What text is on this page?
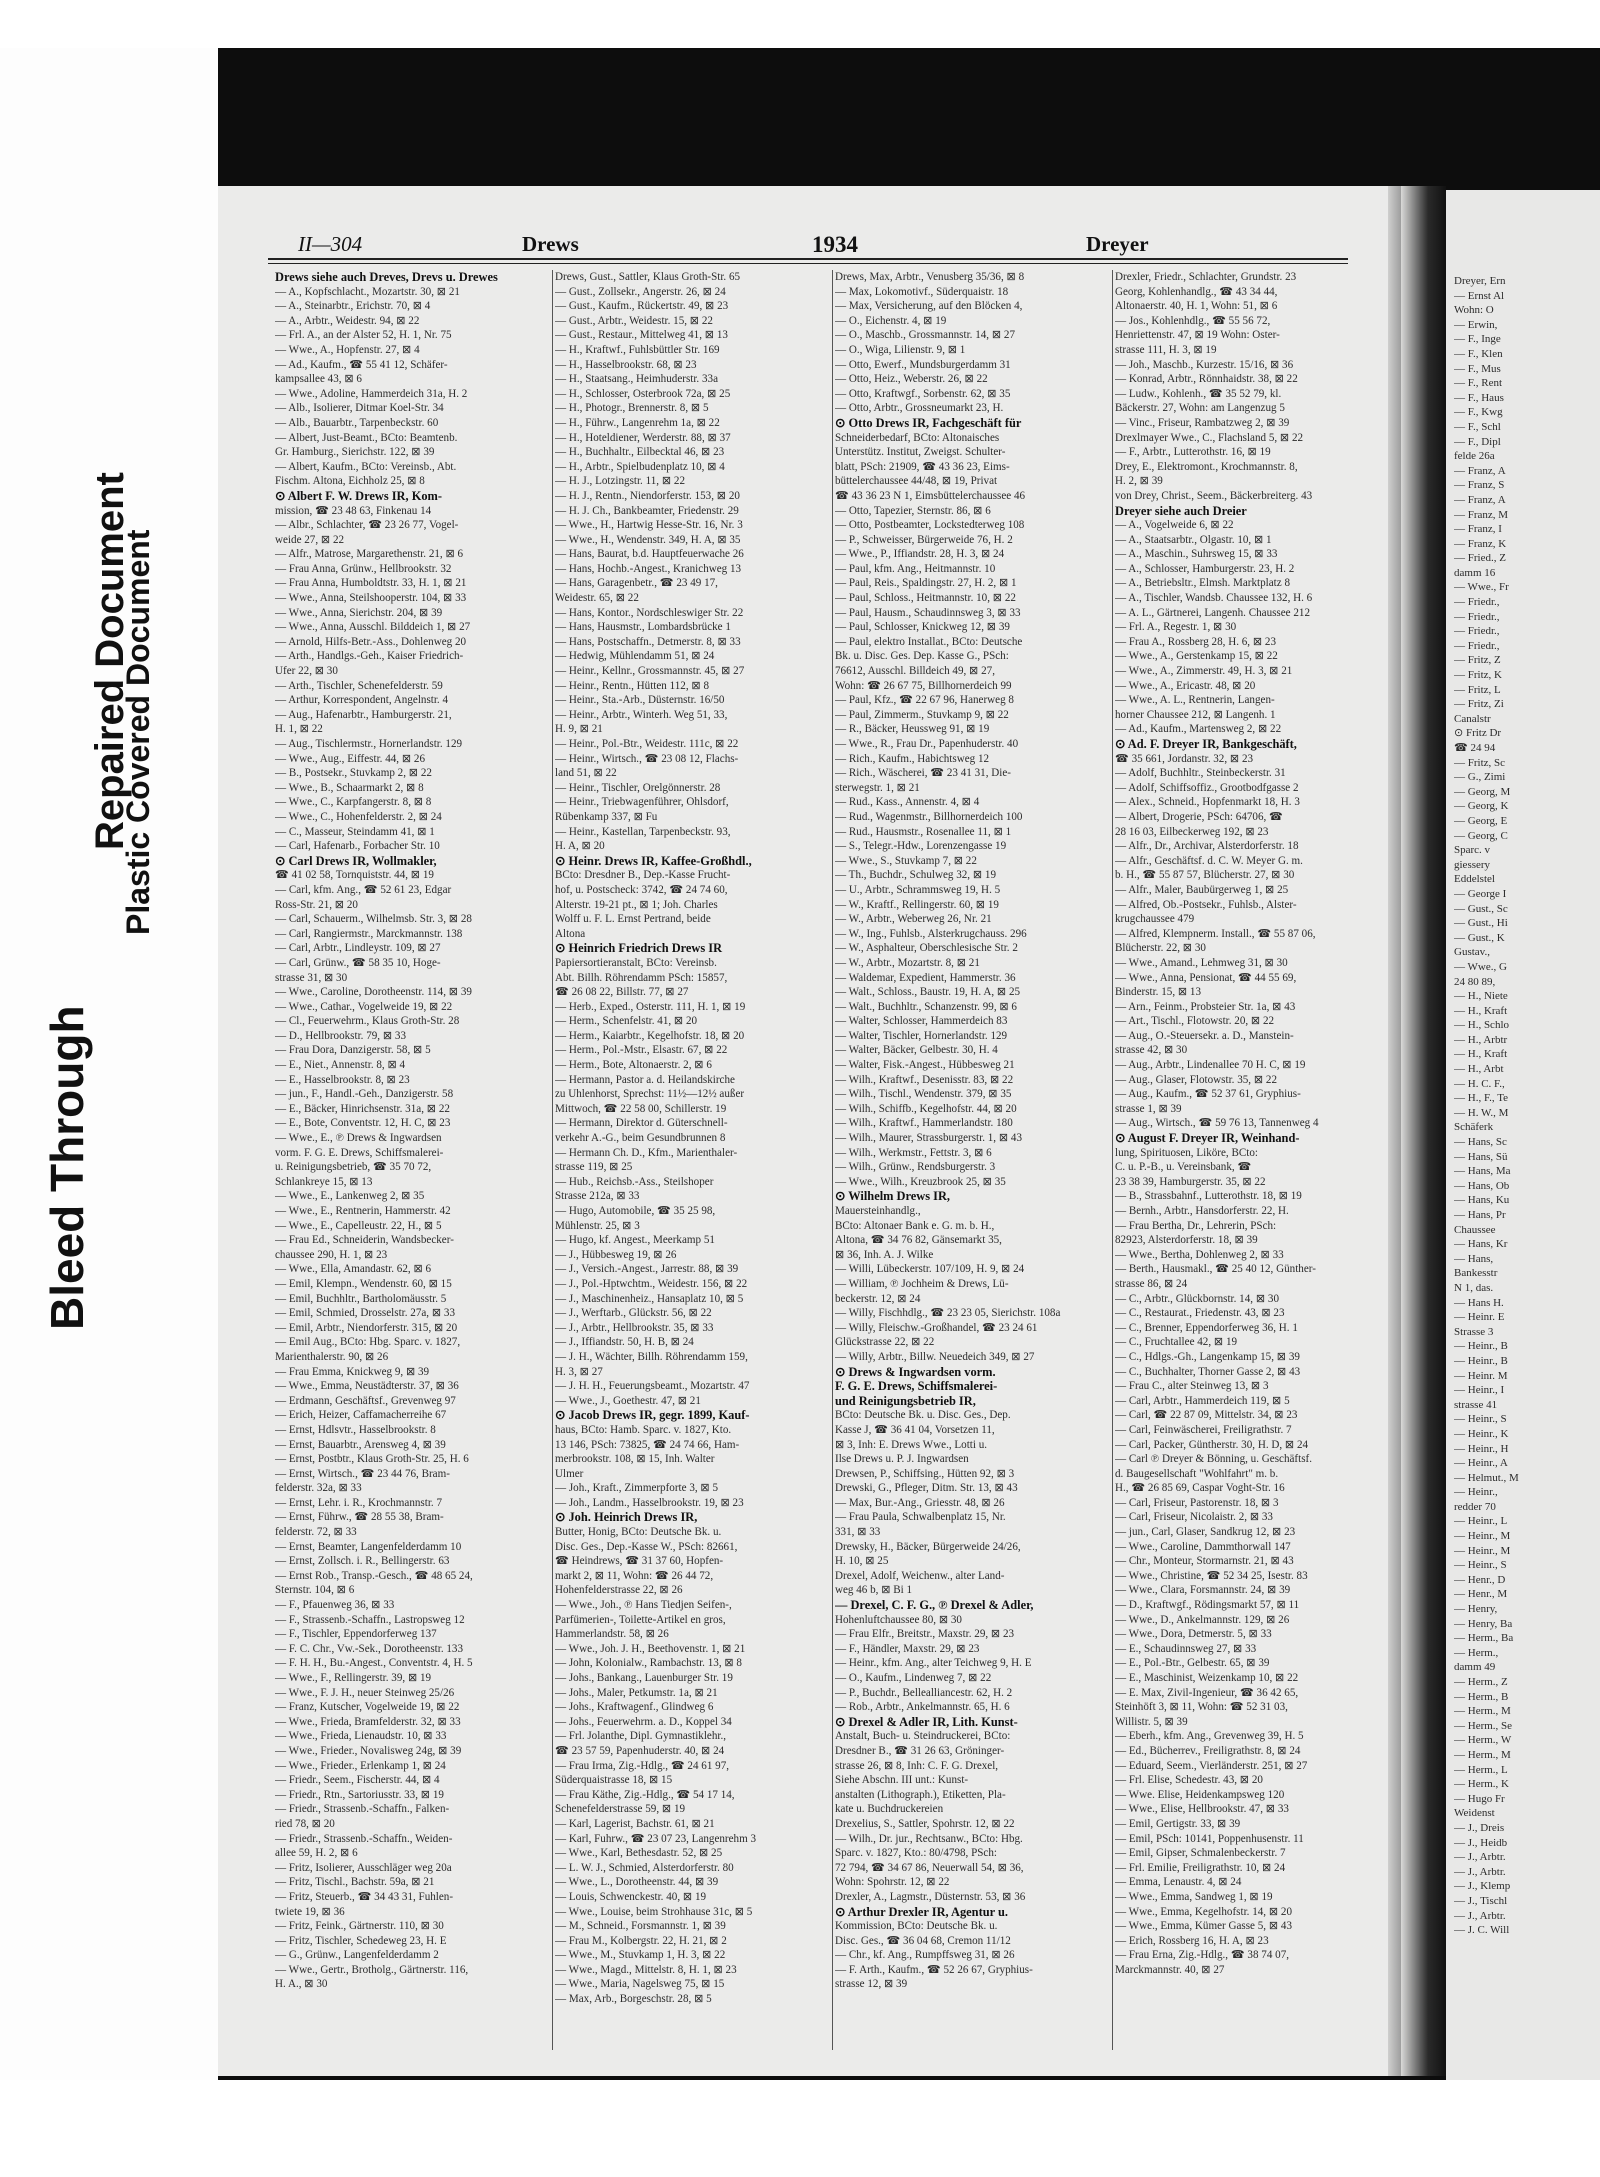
Bleed Through
Repaired Document
Plastic Covered Document
II—304	Drews	1934	Dreyer
Drews siehe auch Dreves, Drevs u. Drewes
— A., Kopfschlacht., Mozartstr. 30, ⊠ 21
— A., Steinarbtr., Erichstr. 70, ⊠ 4
— A., Arbtr., Weidestr. 94, ⊠ 22
— Frl. A., an der Alster 52, H. 1, Nr. 75
— Wwe., A., Hopfenstr. 27, ⊠ 4
— Ad., Kaufm., ☎ 55 41 12, Schäfer-
kampsallee 43, ⊠ 6
— Wwe., Adoline, Hammerdeich 31a, H. 2
— Alb., Isolierer, Ditmar Koel-Str. 34
— Alb., Bauarbtr., Tarpenbeckstr. 60
— Albert, Just-Beamt., BCto: Beamtenb.
Gr. Hamburg., Sierichstr. 122, ⊠ 39
— Albert, Kaufm., BCto: Vereinsb., Abt.
Fischm. Altona, Eichholz 25, ⊠ 8
⊙ Albert F. W. Drews IR, Kom-
mission, ☎ 23 48 63, Finkenau 14
— Albr., Schlachter, ☎ 23 26 77, Vogel-
weide 27, ⊠ 22
— Alfr., Matrose, Margarethenstr. 21, ⊠ 6
— Frau Anna, Grünw., Hellbrookstr. 32
— Frau Anna, Humboldtstr. 33, H. 1, ⊠ 21
— Wwe., Anna, Steilshooperstr. 104, ⊠ 33
— Wwe., Anna, Sierichstr. 204, ⊠ 39
— Wwe., Anna, Ausschl. Bilddeich 1, ⊠ 27
— Arnold, Hilfs-Betr.-Ass., Dohlenweg 20
— Arth., Handlgs.-Geh., Kaiser Friedrich-
Ufer 22, ⊠ 30
— Arth., Tischler, Schenefelderstr. 59
— Arthur, Korrespondent, Angelnstr. 4
— Aug., Hafenarbtr., Hamburgerstr. 21,
H. 1, ⊠ 22
— Aug., Tischlermstr., Hornerlandstr. 129
— Wwe., Aug., Eiffestr. 44, ⊠ 26
— B., Postsekr., Stuvkamp 2, ⊠ 22
— Wwe., B., Schaarmarkt 2, ⊠ 8
— Wwe., C., Karpfangerstr. 8, ⊠ 8
— Wwe., C., Hohenfelderstr. 2, ⊠ 24
— C., Masseur, Steindamm 41, ⊠ 1
— Carl, Hafenarb., Forbacher Str. 10
⊙ Carl Drews IR, Wollmakler,
☎ 41 02 58, Tornquiststr. 44, ⊠ 19
— Carl, kfm. Ang., ☎ 52 61 23, Edgar
Ross-Str. 21, ⊠ 20
— Carl, Schauerm., Wilhelmsb. Str. 3, ⊠ 28
— Carl, Rangiermstr., Marckmannstr. 138
— Carl, Arbtr., Lindleystr. 109, ⊠ 27
— Carl, Grünw., ☎ 58 35 10, Hoge-
strasse 31, ⊠ 30
— Wwe., Caroline, Dorotheenstr. 114, ⊠ 39
— Wwe., Cathar., Vogelweide 19, ⊠ 22
— Cl., Feuerwehrm., Klaus Groth-Str. 28
— D., Hellbrookstr. 79, ⊠ 33
— Frau Dora, Danzigerstr. 58, ⊠ 5
— E., Niet., Annenstr. 8, ⊠ 4
— E., Hasselbrookstr. 8, ⊠ 23
— jun., F., Handl.-Geh., Danzigerstr. 58
— E., Bäcker, Hinrichsenstr. 31a, ⊠ 22
— E., Bote, Conventstr. 12, H. C, ⊠ 23
— Wwe., E., ℗ Drews & Ingwardsen
vorm. F. G. E. Drews, Schiffsmalerei-
u. Reinigungsbetrieb, ☎ 35 70 72,
Schlankreye 15, ⊠ 13
— Wwe., E., Lankenweg 2, ⊠ 35
— Wwe., E., Rentnerin, Hammerstr. 42
— Wwe., E., Capelleustr. 22, H., ⊠ 5
— Frau Ed., Schneiderin, Wandsbecker-
chaussee 290, H. 1, ⊠ 23
— Wwe., Ella, Amandastr. 62, ⊠ 6
— Emil, Klempn., Wendenstr. 60, ⊠ 15
— Emil, Buchhltr., Bartholomäusstr. 5
— Emil, Schmied, Drosselstr. 27a, ⊠ 33
— Emil, Arbtr., Niendorferstr. 315, ⊠ 20
— Emil Aug., BCto: Hbg. Sparc. v. 1827,
Marienthalerstr. 90, ⊠ 26
— Frau Emma, Knickweg 9, ⊠ 39
— Wwe., Emma, Neustädterstr. 37, ⊠ 36
— Erdmann, Geschäftsf., Grevenweg 97
— Erich, Heizer, Caffamacherreihe 67
— Ernst, Hdlsvtr., Hasselbrookstr. 8
— Ernst, Bauarbtr., Arensweg 4, ⊠ 39
— Ernst, Postbtr., Klaus Groth-Str. 25, H. 6
— Ernst, Wirtsch., ☎ 23 44 76, Bram-
felderstr. 32a, ⊠ 33
— Ernst, Lehr. i. R., Krochmannstr. 7
— Ernst, Führw., ☎ 28 55 38, Bram-
felderstr. 72, ⊠ 33
— Ernst, Beamter, Langenfelderdamm 10
— Ernst, Zollsch. i. R., Bellingerstr. 63
— Ernst Rob., Transp.-Gesch., ☎ 48 65 24,
Sternstr. 104, ⊠ 6
— F., Pfauenweg 36, ⊠ 33
— F., Strassenb.-Schaffn., Lastropsweg 12
— F., Tischler, Eppendorferweg 137
— F. C. Chr., Vw.-Sek., Dorotheenstr. 133
— F. H. H., Bu.-Angest., Conventstr. 4, H. 5
— Wwe., F., Rellingerstr. 39, ⊠ 19
— Wwe., F. J. H., neuer Steinweg 25/26
— Franz, Kutscher, Vogelweide 19, ⊠ 22
— Wwe., Frieda, Bramfelderstr. 32, ⊠ 33
— Wwe., Frieda, Lienaudstr. 10, ⊠ 33
— Wwe., Frieder., Novalisweg 24g, ⊠ 39
— Wwe., Frieder., Erlenkamp 1, ⊠ 24
— Friedr., Seem., Fischerstr. 44, ⊠ 4
— Friedr., Rtn., Sartoriusstr. 33, ⊠ 19
— Friedr., Strassenb.-Schaffn., Falken-
ried 78, ⊠ 20
— Friedr., Strassenb.-Schaffn., Weiden-
allee 59, H. 2, ⊠ 6
— Fritz, Isolierer, Ausschläger weg 20a
— Fritz, Tischl., Bachstr. 59a, ⊠ 21
— Fritz, Steuerb., ☎ 34 43 31, Fuhlen-
twiete 19, ⊠ 36
— Fritz, Feink., Gärtnerstr. 110, ⊠ 30
— Fritz, Tischler, Schedeweg 23, H. E
— G., Grünw., Langenfelderdamm 2
— Wwe., Gertr., Brotholg., Gärtnerstr. 116,
H. A., ⊠ 30
Drews, Gust., Sattler, Klaus Groth-Str. 65
— Gust., Zollsekr., Angerstr. 26, ⊠ 24
— Gust., Kaufm., Rückertstr. 49, ⊠ 23
— Gust., Arbtr., Weidestr. 15, ⊠ 22
— Gust., Restaur., Mittelweg 41, ⊠ 13
— H., Kraftwf., Fuhlsbüttler Str. 169
— H., Hasselbrookstr. 68, ⊠ 23
— H., Staatsang., Heimhuderstr. 33a
— H., Schlosser, Osterbrook 72a, ⊠ 25
— H., Photogr., Brennerstr. 8, ⊠ 5
— H., Führw., Langenrehm 1a, ⊠ 22
— H., Hoteldiener, Werderstr. 88, ⊠ 37
— H., Buchhaltr., Eilbecktal 46, ⊠ 23
— H., Arbtr., Spielbudenplatz 10, ⊠ 4
— H. J., Lotzingstr. 11, ⊠ 22
— H. J., Rentn., Niendorferstr. 153, ⊠ 20
— H. J. Ch., Bankbeamter, Friedenstr. 29
— Wwe., H., Hartwig Hesse-Str. 16, Nr. 3
— Wwe., H., Wendenstr. 349, H. A, ⊠ 35
— Hans, Baurat, b.d. Hauptfeuerwache 26
— Hans, Hochb.-Angest., Kranichweg 13
— Hans, Garagenbetr., ☎ 23 49 17,
Weidestr. 65, ⊠ 22
— Hans, Kontor., Nordschleswiger Str. 22
— Hans, Hausmstr., Lombardsbrücke 1
— Hans, Postschaffn., Detmerstr. 8, ⊠ 33
— Hedwig, Mühlendamm 51, ⊠ 24
— Heinr., Kellnr., Grossmannstr. 45, ⊠ 27
— Heinr., Rentn., Hütten 112, ⊠ 8
— Heinr., Sta.-Arb., Düsternstr. 16/50
— Heinr., Arbtr., Winterh. Weg 51, 33,
H. 9, ⊠ 21
— Heinr., Pol.-Btr., Weidestr. 111c, ⊠ 22
— Heinr., Wirtsch., ☎ 23 08 12, Flachs-
land 51, ⊠ 22
— Heinr., Tischler, Orelgönnerstr. 28
— Heinr., Triebwagenführer, Ohlsdorf,
Rübenkamp 337, ⊠ Fu
— Heinr., Kastellan, Tarpenbeckstr. 93,
H. A, ⊠ 20
⊙ Heinr. Drews IR, Kaffee-Großhdl.,
BCto: Dresdner B., Dep.-Kasse Frucht-
hof, u. Postscheck: 3742, ☎ 24 74 60,
Alterstr. 19-21 pt., ⊠ 1; Joh. Charles
Wolff u. F. L. Ernst Pertrand, beide
Altona
⊙ Heinrich Friedrich Drews IR
Papiersortieranstalt, BCto: Vereinsb.
Abt. Billh. Röhrendamm PSch: 15857,
☎ 26 08 22, Billstr. 77, ⊠ 27
— Herb., Exped., Osterstr. 111, H. 1, ⊠ 19
— Herm., Schenfelstr. 41, ⊠ 20
— Herm., Kaiarbtr., Kegelhofstr. 18, ⊠ 20
— Herm., Pol.-Mstr., Elsastr. 67, ⊠ 22
— Herm., Bote, Altonaerstr. 2, ⊠ 6
— Hermann, Pastor a. d. Heilandskirche
zu Uhlenhorst, Sprechst: 11½—12½ außer
Mittwoch, ☎ 22 58 00, Schillerstr. 19
— Hermann, Direktor d. Güterschnell-
verkehr A.-G., beim Gesundbrunnen 8
— Hermann Ch. D., Kfm., Marienthaler-
strasse 119, ⊠ 25
— Hub., Reichsb.-Ass., Steilshoper
Strasse 212a, ⊠ 33
— Hugo, Automobile, ☎ 35 25 98,
Mühlenstr. 25, ⊠ 3
— Hugo, kf. Angest., Meerkamp 51
— J., Hübbesweg 19, ⊠ 26
— J., Versich.-Angest., Jarrestr. 88, ⊠ 39
— J., Pol.-Hptwchtm., Weidestr. 156, ⊠ 22
— J., Maschinenheiz., Hansaplatz 10, ⊠ 5
— J., Werftarb., Glückstr. 56, ⊠ 22
— J., Arbtr., Hellbrookstr. 35, ⊠ 33
— J., Iffiandstr. 50, H. B, ⊠ 24
— J. H., Wächter, Billh. Röhrendamm 159,
H. 3, ⊠ 27
— J. H. H., Feuerungsbeamt., Mozartstr. 47
— Wwe., J., Goethestr. 47, ⊠ 21
⊙ Jacob Drews IR, gegr. 1899, Kauf-
haus, BCto: Hamb. Sparc. v. 1827, Kto.
13 146, PSch: 73825, ☎ 24 74 66, Ham-
merbrookstr. 108, ⊠ 15, Inh. Walter
Ulmer
— Joh., Kraft., Zimmerpforte 3, ⊠ 5
— Joh., Landm., Hasselbrookstr. 19, ⊠ 23
⊙ Joh. Heinrich Drews IR,
Butter, Honig, BCto: Deutsche Bk. u.
Disc. Ges., Dep.-Kasse W., PSch: 82661,
☎ Heindrews, ☎ 31 37 60, Hopfen-
markt 2, ⊠ 11, Wohn: ☎ 26 44 72,
Hohenfelderstrasse 22, ⊠ 26
— Wwe., Joh., ℗ Hans Tiedjen Seifen-,
Parfümerien-, Toilette-Artikel en gros,
Hammerlandstr. 58, ⊠ 26
— Wwe., Joh. J. H., Beethovenstr. 1, ⊠ 21
— John, Kolonialw., Rambachstr. 13, ⊠ 8
— Johs., Bankang., Lauenburger Str. 19
— Johs., Maler, Petkumstr. 1a, ⊠ 21
— Johs., Kraftwagenf., Glindweg 6
— Johs., Feuerwehrm. a. D., Koppel 34
— Frl. Jolanthe, Dipl. Gymnastiklehr.,
☎ 23 57 59, Papenhuderstr. 40, ⊠ 24
— Frau Irma, Zig.-Hdlg., ☎ 24 61 97,
Süderquaistrasse 18, ⊠ 15
— Frau Käthe, Zig.-Hdlg., ☎ 54 17 14,
Schenefelderstrasse 59, ⊠ 19
— Karl, Lagerist, Bachstr. 61, ⊠ 21
— Karl, Fuhrw., ☎ 23 07 23, Langenrehm 3
— Wwe., Karl, Bethesdastr. 52, ⊠ 25
— L. W. J., Schmied, Alsterdorferstr. 80
— Wwe., L., Dorotheenstr. 44, ⊠ 39
— Louis, Schwenckestr. 40, ⊠ 19
— Wwe., Louise, beim Strohhause 31c, ⊠ 5
— M., Schneid., Forsmannstr. 1, ⊠ 39
— Frau M., Kolbergstr. 22, H. 21, ⊠ 2
— Wwe., M., Stuvkamp 1, H. 3, ⊠ 22
— Wwe., Magd., Mittelstr. 8, H. 1, ⊠ 23
— Wwe., Maria, Nagelsweg 75, ⊠ 15
— Max, Arb., Borgeschstr. 28, ⊠ 5
Drews, Max, Arbtr., Venusberg 35/36, ⊠ 8
— Max, Lokomotivf., Süderquaistr. 18
— Max, Versicherung, auf den Blöcken 4,
— O., Eichenstr. 4, ⊠ 19
— O., Maschb., Grossmannstr. 14, ⊠ 27
— O., Wiga, Lilienstr. 9, ⊠ 1
— Otto, Ewerf., Mundsburgerdamm 31
— Otto, Heiz., Weberstr. 26, ⊠ 22
— Otto, Kraftwgf., Sorbenstr. 62, ⊠ 35
— Otto, Arbtr., Grossneumarkt 23, H.
⊙ Otto Drews IR, Fachgeschäft für
Schneiderbedarf, BCto: Altonaisches
Unterstütz. Institut, Zweigst. Schulter-
blatt, PSch: 21909, ☎ 43 36 23, Eims-
büttelerchaussee 44/48, ⊠ 19, Privat
☎ 43 36 23 N 1, Eimsbüttelerchaussee 46
— Otto, Tapezier, Sternstr. 86, ⊠ 6
— Otto, Postbeamter, Lockstedterweg 108
— P., Schweisser, Bürgerweide 76, H. 2
— Wwe., P., Iffiandstr. 28, H. 3, ⊠ 24
— Paul, kfm. Ang., Heitmannstr. 10
— Paul, Reis., Spaldingstr. 27, H. 2, ⊠ 1
— Paul, Schloss., Heitmannstr. 10, ⊠ 22
— Paul, Hausm., Schaudinnsweg 3, ⊠ 33
— Paul, Schlosser, Knickweg 12, ⊠ 39
— Paul, elektro Installat., BCto: Deutsche
Bk. u. Disc. Ges. Dep. Kasse G., PSch:
76612, Ausschl. Billdeich 49, ⊠ 27,
Wohn: ☎ 26 67 75, Billhornerdeich 99
— Paul, Kfz., ☎ 22 67 96, Hanerweg 8
— Paul, Zimmerm., Stuvkamp 9, ⊠ 22
— R., Bäcker, Heussweg 91, ⊠ 19
— Wwe., R., Frau Dr., Papenhuderstr. 40
— Rich., Kaufm., Habichtsweg 12
— Rich., Wäscherei, ☎ 23 41 31, Die-
sterwegstr. 1, ⊠ 21
— Rud., Kass., Annenstr. 4, ⊠ 4
— Rud., Wagenmstr., Billhornerdeich 100
— Rud., Hausmstr., Rosenallee 11, ⊠ 1
— S., Telegr.-Hdw., Lorenzengasse 19
— Wwe., S., Stuvkamp 7, ⊠ 22
— Th., Buchdr., Schulweg 32, ⊠ 19
— U., Arbtr., Schrammsweg 19, H. 5
— W., Kraftf., Rellingerstr. 60, ⊠ 19
— W., Arbtr., Weberweg 26, Nr. 21
— W., Ing., Fuhlsb., Alsterkrugchauss. 296
— W., Asphalteur, Oberschlesische Str. 2
— W., Arbtr., Mozartstr. 8, ⊠ 21
— Waldemar, Expedient, Hammerstr. 36
— Walt., Schloss., Baustr. 19, H. A, ⊠ 25
— Walt., Buchhltr., Schanzenstr. 99, ⊠ 6
— Walter, Schlosser, Hammerdeich 83
— Walter, Tischler, Hornerlandstr. 129
— Walter, Bäcker, Gelbestr. 30, H. 4
— Walter, Fisk.-Angest., Hübbesweg 21
— Wilh., Kraftwf., Desenisstr. 83, ⊠ 22
— Wilh., Tischl., Wendenstr. 379, ⊠ 35
— Wilh., Schiffb., Kegelhofstr. 44, ⊠ 20
— Wilh., Kraftwf., Hammerlandstr. 180
— Wilh., Maurer, Strassburgerstr. 1, ⊠ 43
— Wilh., Werkmstr., Fettstr. 3, ⊠ 6
— Wilh., Grünw., Rendsburgerstr. 3
— Wwe., Wilh., Kreuzbrook 25, ⊠ 35
⊙ Wilhelm Drews IR,
Mauersteinhandlg.,
BCto: Altonaer Bank e. G. m. b. H.,
Altona, ☎ 34 76 82, Gänsemarkt 35,
⊠ 36, Inh. A. J. Wilke
— Willi, Lübeckerstr. 107/109, H. 9, ⊠ 24
— William, ℗ Jochheim & Drews, Lü-
beckerstr. 12, ⊠ 24
— Willy, Fischhdlg., ☎ 23 23 05, Sierichstr. 108a
— Willy, Fleischw.-Großhandel, ☎ 23 24 61
Glückstrasse 22, ⊠ 22
— Willy, Arbtr., Billw. Neuedeich 349, ⊠ 27
⊙ Drews & Ingwardsen vorm.
F. G. E. Drews, Schiffsmalerei-
und Reinigungsbetrieb IR,
BCto: Deutsche Bk. u. Disc. Ges., Dep.
Kasse J, ☎ 36 41 04, Vorsetzen 11,
⊠ 3, Inh: E. Drews Wwe., Lotti u.
Ilse Drews u. P. J. Ingwardsen
Drewsen, P., Schiffsing., Hütten 92, ⊠ 3
Drewski, G., Pfleger, Ditm. Str. 13, ⊠ 43
— Max, Bur.-Ang., Griesstr. 48, ⊠ 26
— Frau Paula, Schwalbenplatz 15, Nr.
331, ⊠ 33
Drewsky, H., Bäcker, Bürgerweide 24/26,
H. 10, ⊠ 25
Drexel, Adolf, Weichenw., alter Land-
weg 46 b, ⊠ Bi 1
— Drexel, C. F. G., ℗ Drexel & Adler,
Hohenluftchaussee 80, ⊠ 30
— Frau Elfr., Breitstr., Maxstr. 29, ⊠ 23
— F., Händler, Maxstr. 29, ⊠ 23
— Heinr., kfm. Ang., alter Teichweg 9, H. E
— O., Kaufm., Lindenweg 7, ⊠ 22
— P., Buchdr., Bellealliancestr. 62, H. 2
— Rob., Arbtr., Ankelmannstr. 65, H. 6
⊙ Drexel & Adler IR, Lith. Kunst-
Anstalt, Buch- u. Steindruckerei, BCto:
Dresdner B., ☎ 31 26 63, Gröninger-
strasse 26, ⊠ 8, Inh: C. F. G. Drexel,
Siehe Abschn. III unt.: Kunst-
anstalten (Lithograph.), Etiketten, Pla-
kate u. Buchdruckereien
Drexelius, S., Sattler, Spohrstr. 12, ⊠ 22
— Wilh., Dr. jur., Rechtsanw., BCto: Hbg.
Sparc. v. 1827, Kto.: 80/4798, PSch:
72 794, ☎ 34 67 86, Neuerwall 54, ⊠ 36,
Wohn: Spohrstr. 12, ⊠ 22
Drexler, A., Lagmstr., Düsternstr. 53, ⊠ 36
⊙ Arthur Drexler IR, Agentur u.
Kommission, BCto: Deutsche Bk. u.
Disc. Ges., ☎ 36 04 68, Cremon 11/12
— Chr., kf. Ang., Rumpffsweg 31, ⊠ 26
— F. Arth., Kaufm., ☎ 52 26 67, Gryphius-
strasse 12, ⊠ 39
Drexler, Friedr., Schlachter, Grundstr. 23
Georg, Kohlenhandlg., ☎ 43 34 44,
Altonaerstr. 40, H. 1, Wohn: 51, ⊠ 6
— Jos., Kohlenhdlg., ☎ 55 56 72,
Henriettenstr. 47, ⊠ 19 Wohn: Oster-
strasse 111, H. 3, ⊠ 19
— Joh., Maschb., Kurzestr. 15/16, ⊠ 36
— Konrad, Arbtr., Rönnhaidstr. 38, ⊠ 22
— Ludw., Kohlenh., ☎ 35 52 79, kl.
Bäckerstr. 27, Wohn: am Langenzug 5
— Vinc., Friseur, Rambatzweg 2, ⊠ 39
Drexlmayer Wwe., C., Flachsland 5, ⊠ 22
— F., Arbtr., Lutterothstr. 16, ⊠ 19
Drey, E., Elektromont., Krochmannstr. 8,
H. 2, ⊠ 39
von Drey, Christ., Seem., Bäckerbreiterg. 43
Dreyer siehe auch Dreier
— A., Vogelweide 6, ⊠ 22
— A., Staatsarbtr., Olgastr. 10, ⊠ 1
— A., Maschin., Suhrsweg 15, ⊠ 33
— A., Schlosser, Hamburgerstr. 23, H. 2
— A., Betriebsltr., Elmsh. Marktplatz 8
— A., Tischler, Wandsb. Chaussee 132, H. 6
— A. L., Gärtnerei, Langenh. Chaussee 212
— Frl. A., Regestr. 1, ⊠ 30
— Frau A., Rossberg 28, H. 6, ⊠ 23
— Wwe., A., Gerstenkamp 15, ⊠ 22
— Wwe., A., Zimmerstr. 49, H. 3, ⊠ 21
— Wwe., A., Ericastr. 48, ⊠ 20
— Wwe., A. L., Rentnerin, Langen-
horner Chaussee 212, ⊠ Langenh. 1
— Ad., Kaufm., Martensweg 2, ⊠ 22
⊙ Ad. F. Dreyer IR, Bankgeschäft,
☎ 35 661, Jordanstr. 32, ⊠ 23
— Adolf, Buchhltr., Steinbeckerstr. 31
— Adolf, Schiffsoffiz., Grootbodfgasse 2
— Alex., Schneid., Hopfenmarkt 18, H. 3
— Albert, Drogerie, PSch: 64706, ☎
28 16 03, Eilbeckerweg 192, ⊠ 23
— Alfr., Dr., Archivar, Alsterdorferstr. 18
— Alfr., Geschäftsf. d. C. W. Meyer G. m.
b. H., ☎ 55 87 57, Blücherstr. 27, ⊠ 30
— Alfr., Maler, Baubürgerweg 1, ⊠ 25
— Alfred, Ob.-Postsekr., Fuhlsb., Alster-
krugchaussee 479
— Alfred, Klempnerm. Install., ☎ 55 87 06,
Blücherstr. 22, ⊠ 30
— Wwe., Amand., Lehmweg 31, ⊠ 30
— Wwe., Anna, Pensionat, ☎ 44 55 69,
Binderstr. 15, ⊠ 13
— Arn., Feinm., Probsteier Str. 1a, ⊠ 43
— Art., Tischl., Flotowstr. 20, ⊠ 22
— Aug., O.-Steuersekr. a. D., Manstein-
strasse 42, ⊠ 30
— Aug., Arbtr., Lindenallee 70 H. C, ⊠ 19
— Aug., Glaser, Flotowstr. 35, ⊠ 22
— Aug., Kaufm., ☎ 52 37 61, Gryphius-
strasse 1, ⊠ 39
— Aug., Wirtsch., ☎ 59 76 13, Tannenweg 4
⊙ August F. Dreyer IR, Weinhand-
lung, Spirituosen, Liköre, BCto:
C. u. P.-B., u. Vereinsbank, ☎
23 38 39, Hamburgerstr. 35, ⊠ 22
— B., Strassbahnf., Lutterothstr. 18, ⊠ 19
— Bernh., Arbtr., Hansdorferstr. 22, H.
— Frau Bertha, Dr., Lehrerin, PSch:
82923, Alsterdorferstr. 18, ⊠ 39
— Wwe., Bertha, Dohlenweg 2, ⊠ 33
— Berth., Hausmakl., ☎ 25 40 12, Günther-
strasse 86, ⊠ 24
— C., Arbtr., Glückbornstr. 14, ⊠ 30
— C., Restaurat., Friedenstr. 43, ⊠ 23
— C., Brenner, Eppendorferweg 36, H. 1
— C., Fruchtallee 42, ⊠ 19
— C., Hdlgs.-Gh., Langenkamp 15, ⊠ 39
— C., Buchhalter, Thorner Gasse 2, ⊠ 43
— Frau C., alter Steinweg 13, ⊠ 3
— Carl, Arbtr., Hammerdeich 119, ⊠ 5
— Carl, ☎ 22 87 09, Mittelstr. 34, ⊠ 23
— Carl, Feinwäscherei, Freiligrathstr. 7
— Carl, Packer, Güntherstr. 30, H. D, ⊠ 24
— Carl ℗ Dreyer & Bönning, u. Geschäftsf.
d. Baugesellschaft "Wohlfahrt" m. b.
H., ☎ 26 85 69, Caspar Voght-Str. 16
— Carl, Friseur, Pastorenstr. 18, ⊠ 3
— Carl, Friseur, Nicolaistr. 2, ⊠ 33
— jun., Carl, Glaser, Sandkrug 12, ⊠ 23
— Wwe., Caroline, Dammthorwall 147
— Chr., Monteur, Stormarnstr. 21, ⊠ 43
— Wwe., Christine, ☎ 52 34 25, Isestr. 83
— Wwe., Clara, Forsmannstr. 24, ⊠ 39
— D., Kraftwgf., Rödingsmarkt 57, ⊠ 11
— Wwe., D., Ankelmannstr. 129, ⊠ 26
— Wwe., Dora, Detmerstr. 5, ⊠ 33
— E., Schaudinnsweg 27, ⊠ 33
— E., Pol.-Btr., Gelbestr. 65, ⊠ 39
— E., Maschinist, Weizenkamp 10, ⊠ 22
— E. Max, Zivil-Ingenieur, ☎ 36 42 65,
Steinhöft 3, ⊠ 11, Wohn: ☎ 52 31 03,
Willistr. 5, ⊠ 39
— Eberh., kfm. Ang., Grevenweg 39, H. 5
— Ed., Bücherrev., Freiligrathstr. 8, ⊠ 24
— Eduard, Seem., Vierländerstr. 251, ⊠ 27
— Frl. Elise, Schedestr. 43, ⊠ 20
— Wwe. Elise, Heidenkampsweg 120
— Wwe., Elise, Hellbrookstr. 47, ⊠ 33
— Emil, Gertigstr. 33, ⊠ 39
— Emil, PSch: 10141, Poppenhusenstr. 11
— Emil, Gipser, Schmalenbeckerstr. 7
— Frl. Emilie, Freiligrathstr. 10, ⊠ 24
— Emma, Lenaustr. 4, ⊠ 24
— Wwe., Emma, Sandweg 1, ⊠ 19
— Wwe., Emma, Kegelhofstr. 14, ⊠ 20
— Wwe., Emma, Kümer Gasse 5, ⊠ 43
— Erich, Rossberg 16, H. A, ⊠ 23
— Frau Erna, Zig.-Hdlg., ☎ 38 74 07,
Marckmannstr. 40, ⊠ 27
Dreyer, Ern
— Ernst Al
Wohn: O
— Erwin,
— F., Inge
— F., Klen
— F., Mus
— F., Rent
— F., Haus
— F., Kwg
— F., Schl
— F., Dipl
felde 26a
— Franz, A
— Franz, S
— Franz, A
— Franz, M
— Franz, I
— Franz, K
— Fried., Z
damm 16
— Wwe., Fr
— Friedr.,
— Friedr.,
— Friedr.,
— Friedr.,
— Fritz, Z
— Fritz, K
— Fritz, L
— Fritz, Zi
Canalstr
⊙ Fritz Dr
☎ 24 94
— Fritz, Sc
— G., Zimi
— Georg, M
— Georg, K
— Georg, E
— Georg, C
Sparc. v
giessery
Eddelstel
— George I
— Gust., Sc
— Gust., Hi
— Gust., K
Gustav.,
— Wwe., G
24 80 89,
— H., Niete
— H., Kraft
— H., Schlo
— H., Arbtr
— H., Kraft
— H., Arbt
— H. C. F.,
— H., F., Te
— H. W., M
Schäferk
— Hans, Sc
— Hans, Sü
— Hans, Ma
— Hans, Ob
— Hans, Ku
— Hans, Pr
Chaussee
— Hans, Kr
— Hans,
Bankesstr
N 1, das.
— Hans H.
— Heinr. E
Strasse 3
— Heinr., B
— Heinr., B
— Heinr. M
— Heinr., I
strasse 41
— Heinr., S
— Heinr., K
— Heinr., H
— Heinr., A
— Helmut., M
— Heinr.,
redder 70
— Heinr., L
— Heinr., M
— Heinr., M
— Heinr., S
— Henr., D
— Henr., M
— Henry,
— Henry, Ba
— Herm., Ba
— Herm.,
damm 49
— Herm., Z
— Herm., B
— Herm., M
— Herm., Se
— Herm., W
— Herm., M
— Herm., L
— Herm., K
— Hugo Fr
Weidenst
— J., Dreis
— J., Heidb
— J., Arbtr.
— J., Arbtr.
— J., Klemp
— J., Tischl
— J., Arbtr.
— J. C. Will
